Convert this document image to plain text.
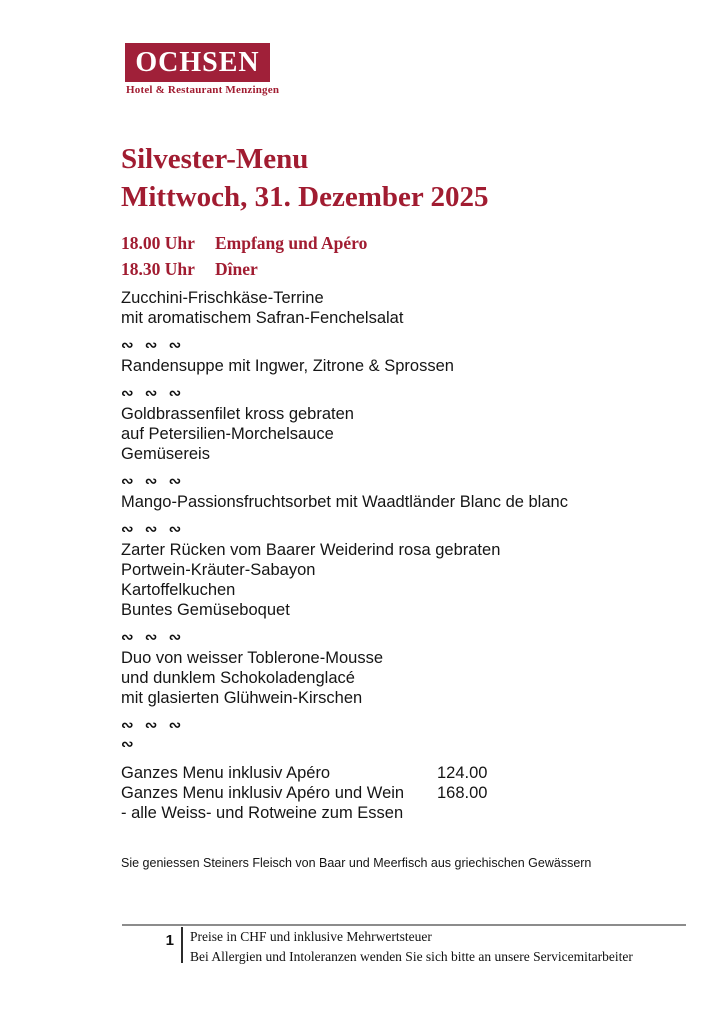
OCHSEN
Hotel & Restaurant Menzingen
Silvester-Menu
Mittwoch, 31. Dezember 2025
18.00 Uhr	Empfang und Apéro
18.30 Uhr	Dîner
Zucchini-Frischkäse-Terrine
mit aromatischem Safran-Fenchelsalat
∾ ∾ ∾
Randensuppe mit Ingwer, Zitrone & Sprossen
∾ ∾ ∾
Goldbrassenfilet kross gebraten
auf Petersilien-Morchelsauce
Gemüsereis
∾ ∾ ∾
Mango-Passionsfruchtsorbet mit Waadtländer Blanc de blanc
∾ ∾ ∾
Zarter Rücken vom Baarer Weiderind rosa gebraten
Portwein-Kräuter-Sabayon
Kartoffelkuchen
Buntes Gemüseboquet
∾ ∾ ∾
Duo von weisser Toblerone-Mousse
und dunklem Schokoladenglacé
mit glasierten Glühwein-Kirschen
∾ ∾ ∾
∾
Ganzes Menu inklusiv Apéro	124.00
Ganzes Menu inklusiv Apéro und Wein 168.00
- alle Weiss- und Rotweine zum Essen
Sie geniessen Steiners Fleisch von Baar und Meerfisch aus griechischen Gewässern
1 Preise in CHF und inklusive Mehrwertsteuer
Bei Allergien und Intoleranzen wenden Sie sich bitte an unsere Servicemitarbeiter
